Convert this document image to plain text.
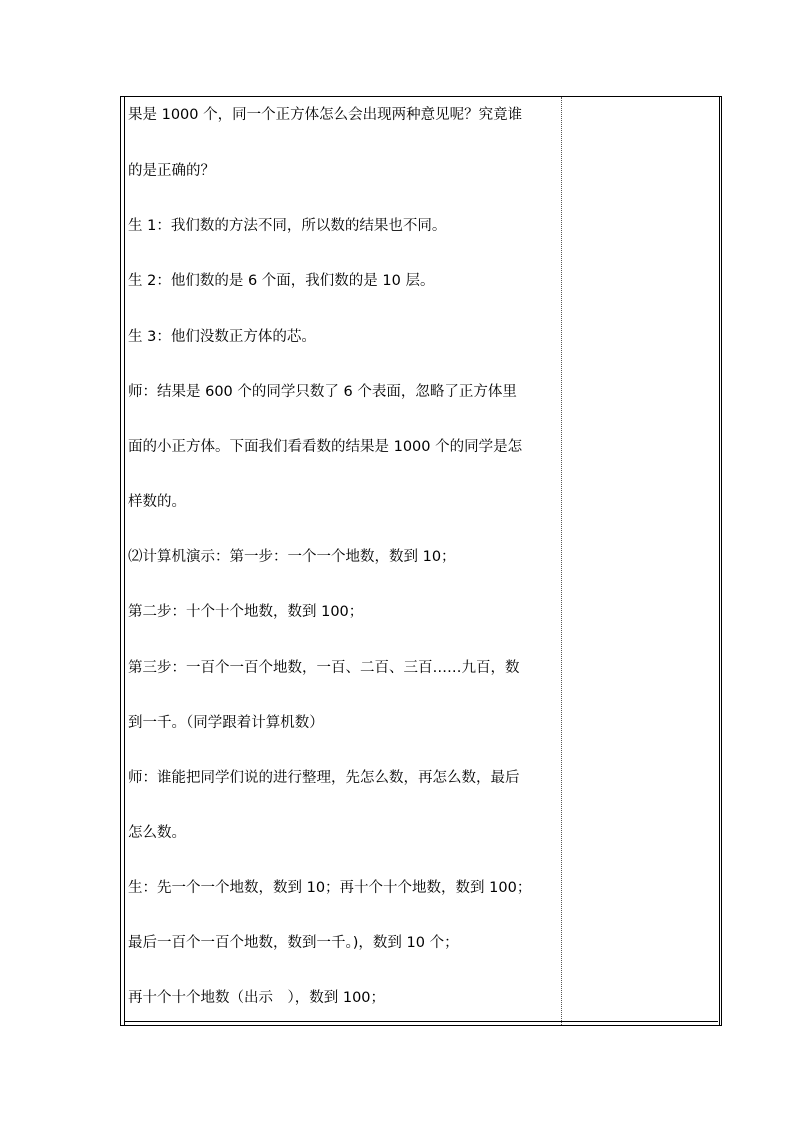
果是 1000 个，同一个正方体怎么会出现两种意见呢？究竟谁
的是正确的？
生 1：我们数的方法不同，所以数的结果也不同。
生 2：他们数的是 6 个面，我们数的是 10 层。
生 3：他们没数正方体的芯。
师：结果是 600 个的同学只数了 6 个表面，忽略了正方体里
面的小正方体。下面我们看看数的结果是 1000 个的同学是怎
样数的。
⑵计算机演示：第一步：一个一个地数，数到 10；
第二步：十个十个地数，数到 100；
第三步：一百个一百个地数，一百、二百、三百……九百，数
到一千。（同学跟着计算机数）
师：谁能把同学们说的进行整理，先怎么数，再怎么数，最后
怎么数。
生：先一个一个地数，数到 10；再十个十个地数，数到 100；
最后一百个一百个地数，数到一千。)，数到 10 个；
再十个十个地数（出示　），数到 100；
